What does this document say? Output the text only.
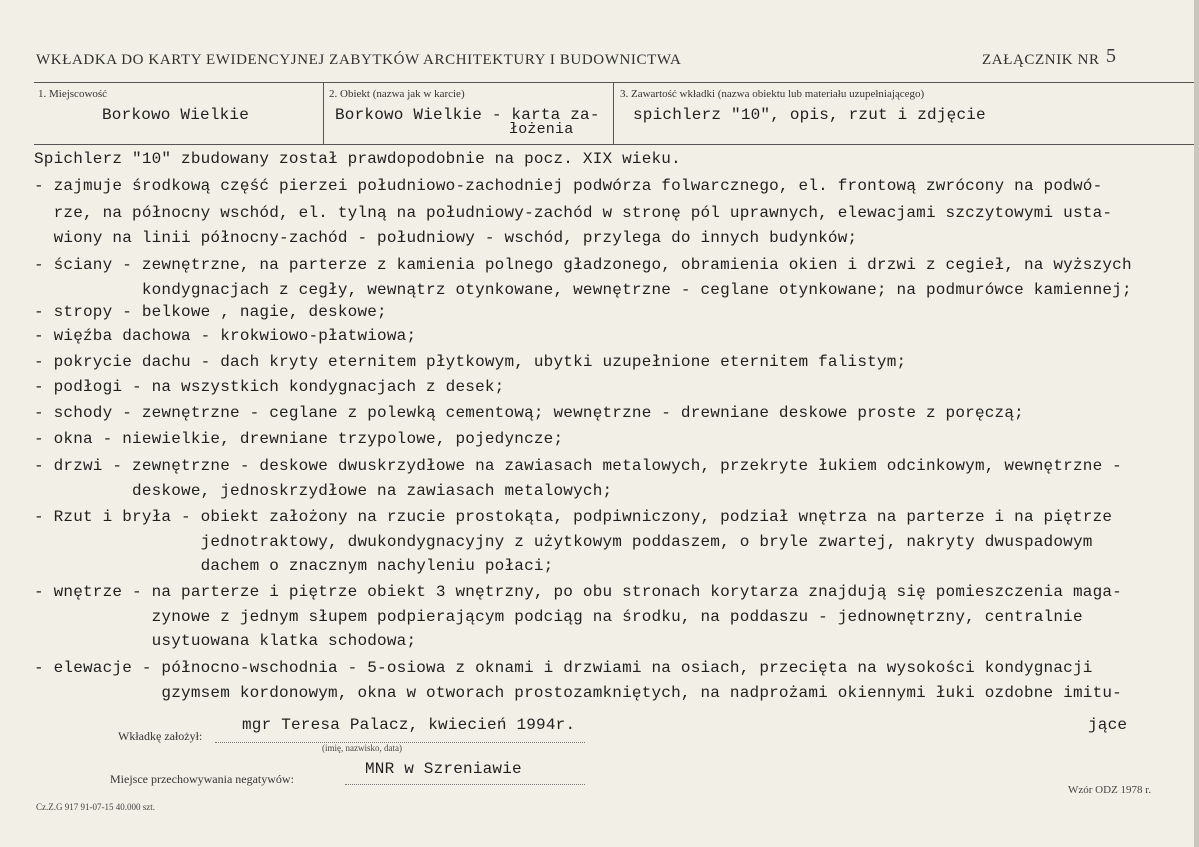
WKŁADKA DO KARTY EWIDENCYJNEJ ZABYTKÓW ARCHITEKTURY I BUDOWNICTWA	ZAŁĄCZNIK NR 5
1. Miejscowość
Borkowo Wielkie
2. Obiekt (nazwa jak w karcie)
Borkowo Wielkie - karta za-
łożenia
3. Zawartość wkładki (nazwa obiektu lub materiału uzupełniającego)
spichlerz "10", opis, rzut i zdjęcie
Spichlerz "10" zbudowany został prawdopodobnie na pocz. XIX wieku.
- zajmuje środkową część pierzei południowo-zachodniej podwórza folwarcznego, el. frontową zwrócony na podwó-
rze, na północny wschód, el. tylną na południowy-zachód w stronę pól uprawnych, elewacjami szczytowymi usta-
wiony na linii północny-zachód - południowy - wschód, przylega do innych budynków;
- ściany - zewnętrzne, na parterze z kamienia polnego gładzonego, obramienia okien i drzwi z cegieł, na wyższych
kondygnacjach z cegły, wewnątrz otynkowane, wewnętrzne - ceglane otynkowane; na podmurówce kamiennej;
- stropy - belkowe , nagie, deskowe;
- więźba dachowa - krokwiowo-płatwiowa;
- pokrycie dachu - dach kryty eternitem płytkowym, ubytki uzupełnione eternitem falistym;
- podłogi - na wszystkich kondygnacjach z desek;
- schody - zewnętrzne - ceglane z polewką cementową; wewnętrzne - drewniane deskowe proste z poręczą;
- okna - niewielkie, drewniane trzypolowe, pojedyncze;
- drzwi - zewnętrzne - deskowe dwuskrzydłowe na zawiasach metalowych, przekryte łukiem odcinkowym, wewnętrzne -
deskowe, jednoskrzydłowe na zawiasach metalowych;
- Rzut i bryła - obiekt założony na rzucie prostokąta, podpiwniczony, podział wnętrza na parterze i na piętrze
jednotraktowy, dwukondygnacyjny z użytkowym poddaszem, o bryle zwartej, nakryty dwuspadowym
dachem o znacznym nachyleniu połaci;
- wnętrze - na parterze i piętrze obiekt 3 wnętrzny, po obu stronach korytarza znajdują się pomieszczenia maga-
zynowe z jednym słupem podpierającym podciąg na środku, na poddaszu - jednownętrzny, centralnie
usytuowana klatka schodowa;
- elewacje - północno-wschodnia - 5-osiowa z oknami i drzwiami na osiach, przecięta na wysokości kondygnacji
gzymsem kordonowym, okna w otworach prostozamkniętych, na nadprożami okiennymi łuki ozdobne imitu-
jące
Wkładkę założył:
mgr Teresa Palacz, kwiecień 1994r.
(imię, nazwisko, data)
Miejsce przechowywania negatywów:
MNR w Szreniawie
Cz.Z.G 917 91-07-15 40.000 szt.
Wzór ODZ 1978 r.
